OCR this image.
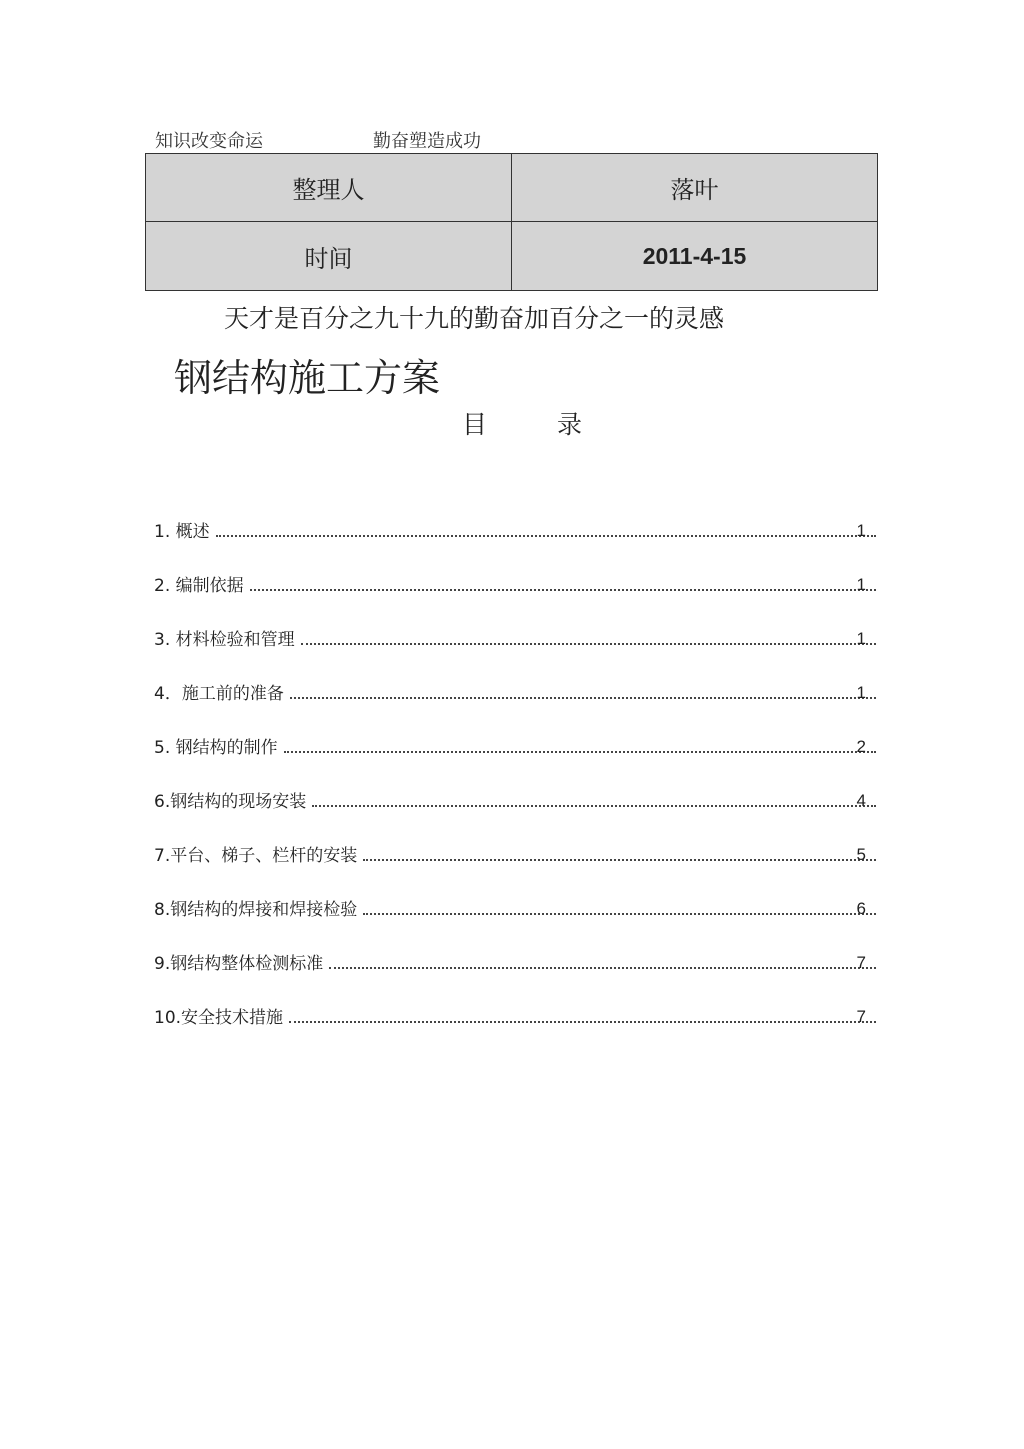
知识改变命运	勤奋塑造成功
整理人	落叶
时间	2011-4-15
天才是百分之九十九的勤奋加百分之一的灵感
钢结构施工方案
目	录
1. 概述	1
2. 编制依据	1
3. 材料检验和管理	1
4．施工前的准备	1
5. 钢结构的制作	2
6.钢结构的现场安装	4
7.平台、梯子、栏杆的安装	5
8.钢结构的焊接和焊接检验	6
9.钢结构整体检测标准	7
10.安全技术措施	7
